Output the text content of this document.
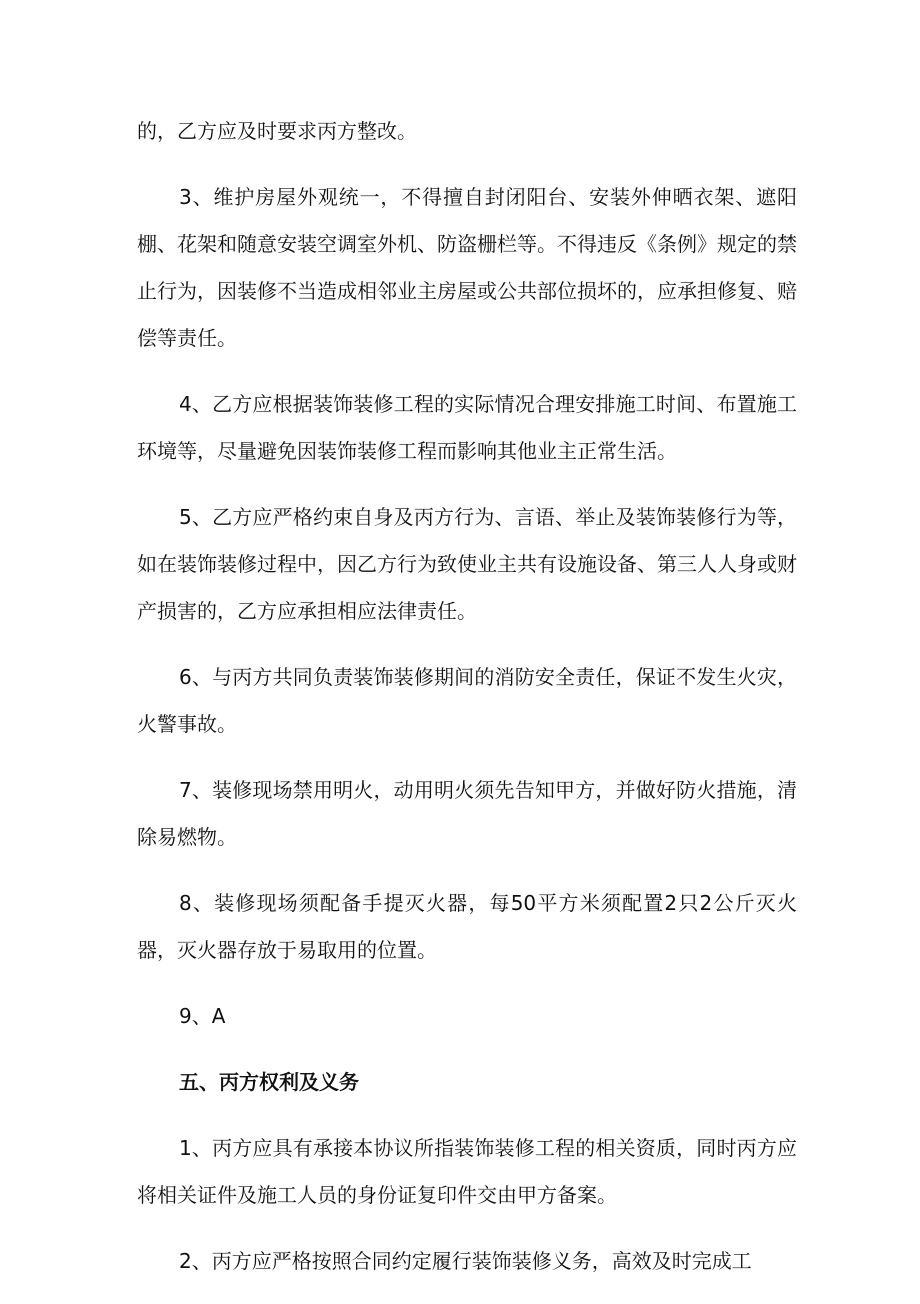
的，乙方应及时要求丙方整改。

3、维护房屋外观统一，不得擅自封闭阳台、安装外伸晒衣架、遮阳棚、花架和随意安装空调室外机、防盗栅栏等。不得违反《条例》规定的禁止行为，因装修不当造成相邻业主房屋或公共部位损坏的，应承担修复、赔偿等责任。

4、乙方应根据装饰装修工程的实际情况合理安排施工时间、布置施工环境等，尽量避免因装饰装修工程而影响其他业主正常生活。

5、乙方应严格约束自身及丙方行为、言语、举止及装饰装修行为等，如在装饰装修过程中，因乙方行为致使业主共有设施设备、第三人人身或财产损害的，乙方应承担相应法律责任。

6、与丙方共同负责装饰装修期间的消防安全责任，保证不发生火灾，火警事故。

7、装修现场禁用明火，动用明火须先告知甲方，并做好防火措施，清除易燃物。

8、装修现场须配备手提灭火器，每50平方米须配置2只2公斤灭火器，灭火器存放于易取用的位置。

9、A

五、丙方权利及义务

1、丙方应具有承接本协议所指装饰装修工程的相关资质，同时丙方应将相关证件及施工人员的身份证复印件交由甲方备案。

2、丙方应严格按照合同约定履行装饰装修义务，高效及时完成工
